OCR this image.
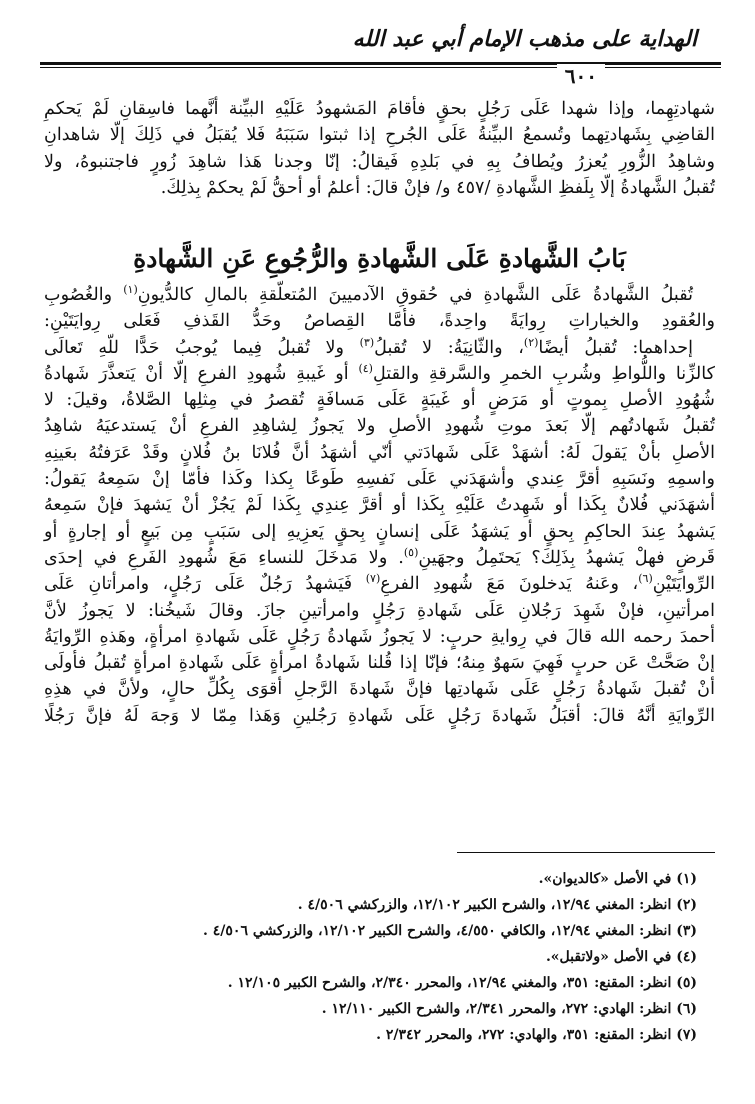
الهداية على مذهب الإمام أبي عبد الله
٦٠٠

شهادتِهِما، وإذا شهدا عَلَى رَجُلٍ بحقٍ فأقامَ المَشهودُ عَلَيْهِ البيِّنة أنَّهما فاسِقانِ لَمْ يَحكمِ

القاضِي بِشَهادتِهما وتُسمعُ البيِّنةُ عَلَى الجُرحِ إذا ثبتوا سَبَبَهُ فَلا يُقبَلُ في ذَلِكَ إلّا شاهدانِ

وشاهِدُ الزُّورِ يُعزرُ ويُطافُ بِهِ في بَلدِهِ فَيقالُ: إنّا وجدنا هَذا شاهِدَ زُورٍ فاجتنبوهُ، ولا

تُقبلُ الشَّهادةُ إلّا بِلَفظِ الشَّهادةِ /٤٥٧ و/ فإنْ قالَ: أعلمُ أو أحقُّ لَمْ يحكمْ بِذلِكَ.

بَابُ الشَّهادةِ عَلَى الشَّهادةِ والرُّجُوعِ عَنِ الشَّهادةِ

تُقبلُ الشَّهادةُ عَلَى الشَّهادةِ في حُقوقِ الآدميينَ المُتعلّقةِ بالمالِ كالدُّيونِ$^{(١)}$ والغُصُوبِ

والعُقودِ والخياراتِ رِوايَةً واحِدةً، فأمَّا القِصاصُ وحَدُّ القَذفِ فَعَلى رِوايَتَيْنِ:

إحداهما: تُقبلُ أيضًا$^{(٢)}$، والثّانِيَةُ: لا تُقبلُ$^{(٣)}$ ولا تُقبلُ فِيما يُوجبُ حَدًّا للّهِ تَعالَى

كالزِّنا واللُّواطِ وشُربِ الخمرِ والسَّرقةِ والقتلِ$^{(٤)}$ أو غَيبةِ شُهودِ الفرعِ إلّا أنْ يَتعذَّرَ شَهادةُ

شُهُودِ الأصلِ بِموتٍ أو مَرَضٍ أو غَيبَةٍ عَلَى مَسافَةٍ تُقصرُ في مِثلِها الصَّلاةُ، وقيلَ: لا

تُقبلُ شَهادتُهم إلّا بَعدَ موتِ شُهودِ الأصلِ ولا يَجوزُ لِشاهِدِ الفرعِ أنْ يَستدعيَهُ شاهِدُ

الأصلِ بأنْ يَقولَ لَهُ: أشهَدْ عَلَى شَهادَتي أنّي أشهَدُ أنَّ فُلانَا بنُ فُلانٍ وقَدْ عَرَفتُهُ بعَينِهِ

واسمِهِ ونَسَبِهِ أقرَّ عِندي وأشهَدَني عَلَى نَفسِهِ طَوعًا بِكذا وكَذا فأمّا إنْ سَمِعهُ يَقولُ:

أشهَدَني فُلانٌ بِكَذا أو شَهِدتُ عَلَيْهِ بِكَذا أو أقرَّ عِندِي بِكَذا لَمْ يَجُزْ أنْ يَشهدَ فإنْ سَمِعهُ

يَشهدُ عِندَ الحاكِمِ بِحقٍ أو يَشهَدُ عَلَى إنسانٍ بِحقٍ يَعزِيهِ إلى سَبَبٍ مِن بَيعٍ أو إجارةٍ أو

قَرضٍ فهلْ يَشهدُ بِذَلِكَ؟ يَحتَمِلُ وجهَينِ$^{(٥)}$. ولا مَدخَلَ للنساءِ مَعَ شُهودِ الفَرعِ في إحدَى

الرِّوايَتَيْنِ$^{(٦)}$، وعَنهُ يَدخلونَ مَعَ شُهودِ الفرعِ$^{(٧)}$ فَيَشهدُ رَجُلٌ عَلَى رَجُلٍ، وامرأتانِ عَلَى

امرأتينِ، فإنْ شَهِدَ رَجُلانِ عَلَى شَهادةِ رَجُلٍ وامرأتينِ جازَ. وقالَ شَيخُنا: لا يَجوزُ لأنَّ

أحمدَ رحمه الله قالَ في رِوايةِ حربٍ: لا يَجوزُ شَهادةُ رَجُلٍ عَلَى شَهادةِ امرأةٍ، وهَذهِ الرِّوايَةُ

إنْ صَحَّتْ عَن حربٍ فَهِيَ سَهوٌ مِنهُ؛ فإنّا إذا قُلنا شَهادةُ امرأةٍ عَلَى شَهادةِ امرأةٍ تُقبلُ فأولَى

أنْ تُقبلَ شَهادةُ رَجُلٍ عَلَى شَهادتِها فإنَّ شَهادةَ الرَّجلِ أقوَى بِكُلِّ حالٍ، ولأنَّ في هذِهِ

الرِّوايَةِ أنَّهُ قالَ: أقبَلُ شَهادةَ رَجُلٍ عَلَى شَهادةِ رَجُلينِ وَهَذا مِمّا لا وَجهَ لَهُ فإنَّ رَجُلًا

(١) في الأصل «كالديوان».
(٢) انظر: المغني ١٢/٩٤، والشرح الكبير ١٢/١٠٢، والزركشي ٤/٥٠٦ .
(٣) انظر: المغني ١٢/٩٤، والكافي ٤/٥٥٠، والشرح الكبير ١٢/١٠٢، والزركشي ٤/٥٠٦ .
(٤) في الأصل «ولاتقبل».
(٥) انظر: المقنع: ٣٥١، والمغني ١٢/٩٤، والمحرر ٢/٣٤٠، والشرح الكبير ١٢/١٠٥ .
(٦) انظر: الهادي: ٢٧٢، والمحرر ٢/٣٤١، والشرح الكبير ١٢/١١٠ .
(٧) انظر: المقنع: ٣٥١، والهادي: ٢٧٢، والمحرر ٢/٣٤٢ .
